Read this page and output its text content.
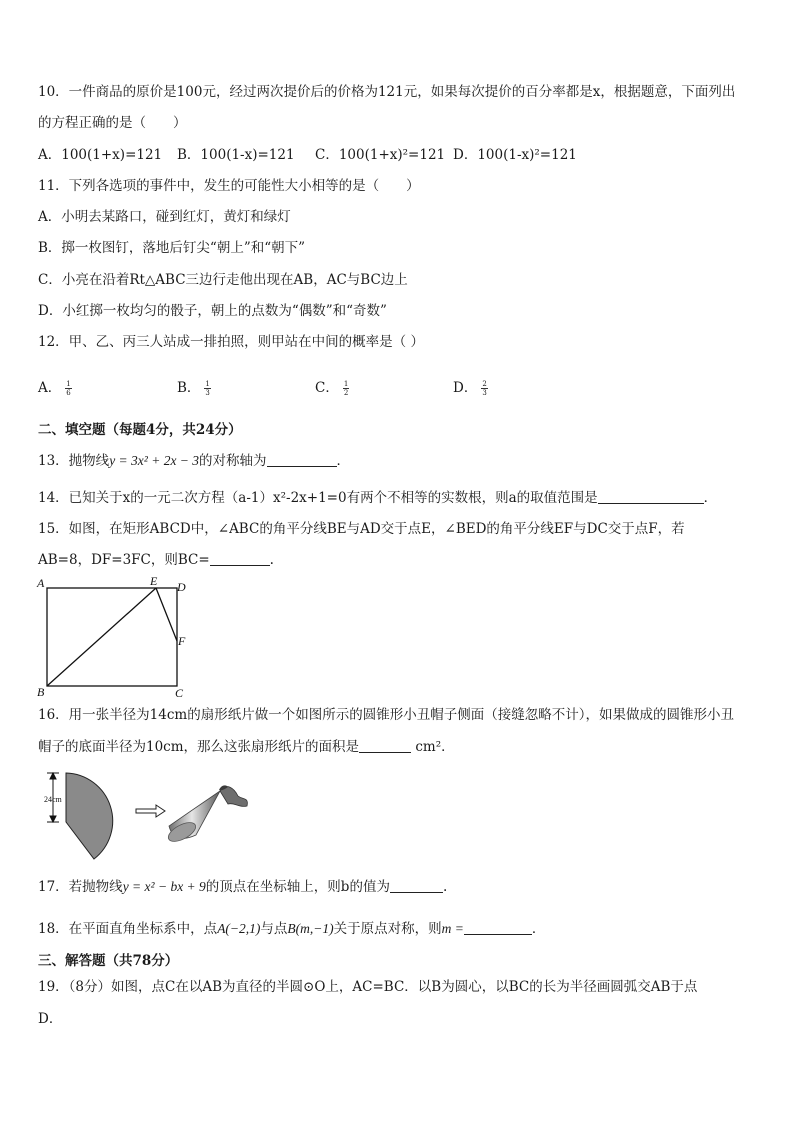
10．一件商品的原价是100元，经过两次提价后的价格为121元，如果每次提价的百分率都是x，根据题意，下面列出
的方程正确的是（　　）
A．100(1+x)=121 B．100(1-x)=121 C．100(1+x)²=121 D．100(1-x)²=121
11．下列各选项的事件中，发生的可能性大小相等的是（　　）
A．小明去某路口，碰到红灯，黄灯和绿灯
B．掷一枚图钉，落地后钉尖“朝上”和“朝下”
C．小亮在沿着Rt△ABC三边行走他出现在AB，AC与BC边上
D．小红掷一枚均匀的骰子，朝上的点数为“偶数”和“奇数”
12．甲、乙、丙三人站成一排拍照，则甲站在中间的概率是（ ）
A． $\frac{1}{6}$	B． $\frac{1}{3}$	C． $\frac{1}{2}$	D． $\frac{2}{3}$
二、填空题（每题4分，共24分）
13．抛物线y = 3x² + 2x − 3的对称轴为	．
14．已知关于x的一元二次方程（a-1）x²-2x+1=0有两个不相等的实数根，则a的取值范围是	．
15．如图，在矩形ABCD中，∠ABC的角平分线BE与AD交于点E，∠BED的角平分线EF与DC交于点F，若
AB=8，DF=3FC，则BC=	.
A	E D
F
B	C
16．用一张半径为14cm的扇形纸片做一个如图所示的圆锥形小丑帽子侧面（接缝忽略不计），如果做成的圆锥形小丑
帽子的底面半径为10cm，那么这张扇形纸片的面积是	cm²．
24cm
17．若抛物线y = x² − bx + 9的顶点在坐标轴上，则b的值为	.
18．在平面直角坐标系中，点A(−2,1)与点B(m,−1)关于原点对称，则m =	．
三、解答题（共78分）
19．（8分）如图，点C在以AB为直径的半圆⊙O上，AC=BC．以B为圆心，以BC的长为半径画圆弧交AB于点
D．
